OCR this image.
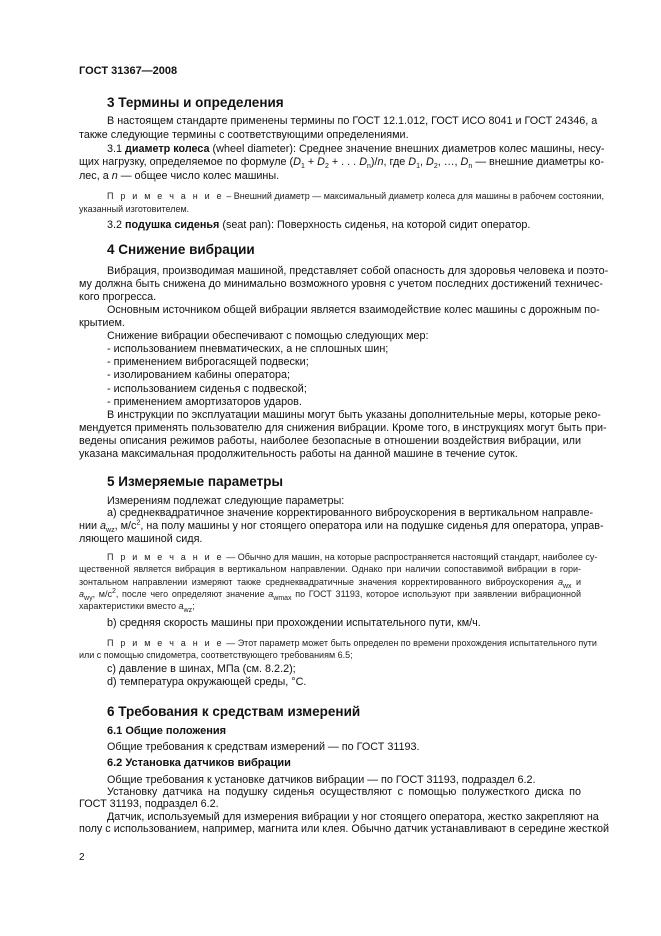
ГОСТ 31367—2008
3 Термины и определения
В настоящем стандарте применены термины по ГОСТ 12.1.012, ГОСТ ИСО 8041 и ГОСТ 24346, а
также следующие термины с соответствующими определениями.
3.1 диаметр колеса (wheel diameter): Среднее значение внешних диаметров колес машины, несу-
щих нагрузку, определяемое по формуле ($D_1 + D_2$ + . . . $D_n)/n$, где $D_1$, $D_2$, …, $D_n$ — внешние диаметры ко-
лес, а n — общее число колес машины.
П р и м е ч а н и е – Внешний диаметр — максимальный диаметр колеса для машины в рабочем состоянии,
указанный изготовителем.
3.2 подушка сиденья (seat pan): Поверхность сиденья, на которой сидит оператор.
4 Снижение вибрации
Вибрация, производимая машиной, представляет собой опасность для здоровья человека и поэто-
му должна быть снижена до минимально возможного уровня с учетом последних достижений техничес-
кого прогресса.
Основным источником общей вибрации является взаимодействие колес машины с дорожным по-
крытием.
Снижение вибрации обеспечивают с помощью следующих мер:
- использованием пневматических, а не сплошных шин;
- применением виброгасящей подвески;
- изолированием кабины оператора;
- использованием сиденья с подвеской;
- применением амортизаторов ударов.
В инструкции по эксплуатации машины могут быть указаны дополнительные меры, которые реко-
мендуется применять пользователю для снижения вибрации. Кроме того, в инструкциях могут быть при-
ведены описания режимов работы, наиболее безопасные в отношении воздействия вибрации, или
указана максимальная продолжительность работы на данной машине в течение суток.
5 Измеряемые параметры
Измерениям подлежат следующие параметры:
a) среднеквадратичное значение корректированного виброускорения в вертикальном направле-
нии $a_{wz}$, $м/с^2$, на полу машины у ног стоящего оператора или на подушке сиденья для оператора, управ-
ляющего машиной сидя.
П р и м е ч а н и е — Обычно для машин, на которые распространяется настоящий стандарт, наиболее су-
щественной является вибрация в вертикальном направлении. Однако при наличии сопоставимой вибрации в гори-
зонтальном направлении измеряют также среднеквадратичные значения корректированного виброускорения $a_{wx}$ и
$a_{wy}$, $м/с^2$, после чего определяют значение $a_{wmax}$ по ГОСТ 31193, которое используют при заявлении вибрационной
характеристики вместо $a_{wz}$;
b) средняя скорость машины при прохождении испытательного пути, км/ч.
П р и м е ч а н и е — Этот параметр может быть определен по времени прохождения испытательного пути
или с помощью спидометра, соответствующего требованиям 6.5;
c) давление в шинах, МПа (см. 8.2.2);
d) температура окружающей среды, °С.
6 Требования к средствам измерений
6.1 Общие положения
Общие требования к средствам измерений — по ГОСТ 31193.
6.2 Установка датчиков вибрации
Общие требования к установке датчиков вибрации — по ГОСТ 31193, подраздел 6.2.
Установку датчика на подушку сиденья осуществляют с помощью полужесткого диска по
ГОСТ 31193, подраздел 6.2.
Датчик, используемый для измерения вибрации у ног стоящего оператора, жестко закрепляют на
полу с использованием, например, магнита или клея. Обычно датчик устанавливают в середине жесткой
2
